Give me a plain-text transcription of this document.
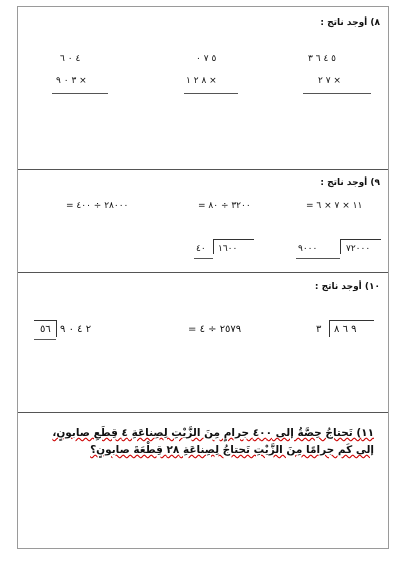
٨) أوجد ناتج :
٥ ٤ ٦ ٣
× ٧ ٢
٥ ٧ ٠
× ٨ ٢ ١
٤ ٠ ٦
× ٣ ٠ ٩
٩) أوجد ناتج :
١١ × ٧ × ٦ =
٣٢٠٠ ÷ ٨٠ =
٢٨٠٠٠ ÷ ٤٠٠ =
٧٢٠٠٠
٩٠٠٠
١٦٠٠
٤٠
١٠) أوجد ناتج :
٣ ٩ ٦ ٨
٢٥٧٩ ÷ ٤ =
٢ ٤ ٠ ٩
٥٦
١١) تَحتاجُ حِصَّةُ إلى ٤٠٠ جرامٍ مِنَ الزَّيْتِ لِصِناعَةِ ٤ قِطَعِ صابونٍ، إلى كَم جرامًا مِنَ الزَّيْتِ تَحتاجُ لِصِناعَةِ ٢٨ قِطْعَةَ صابونٍ؟
